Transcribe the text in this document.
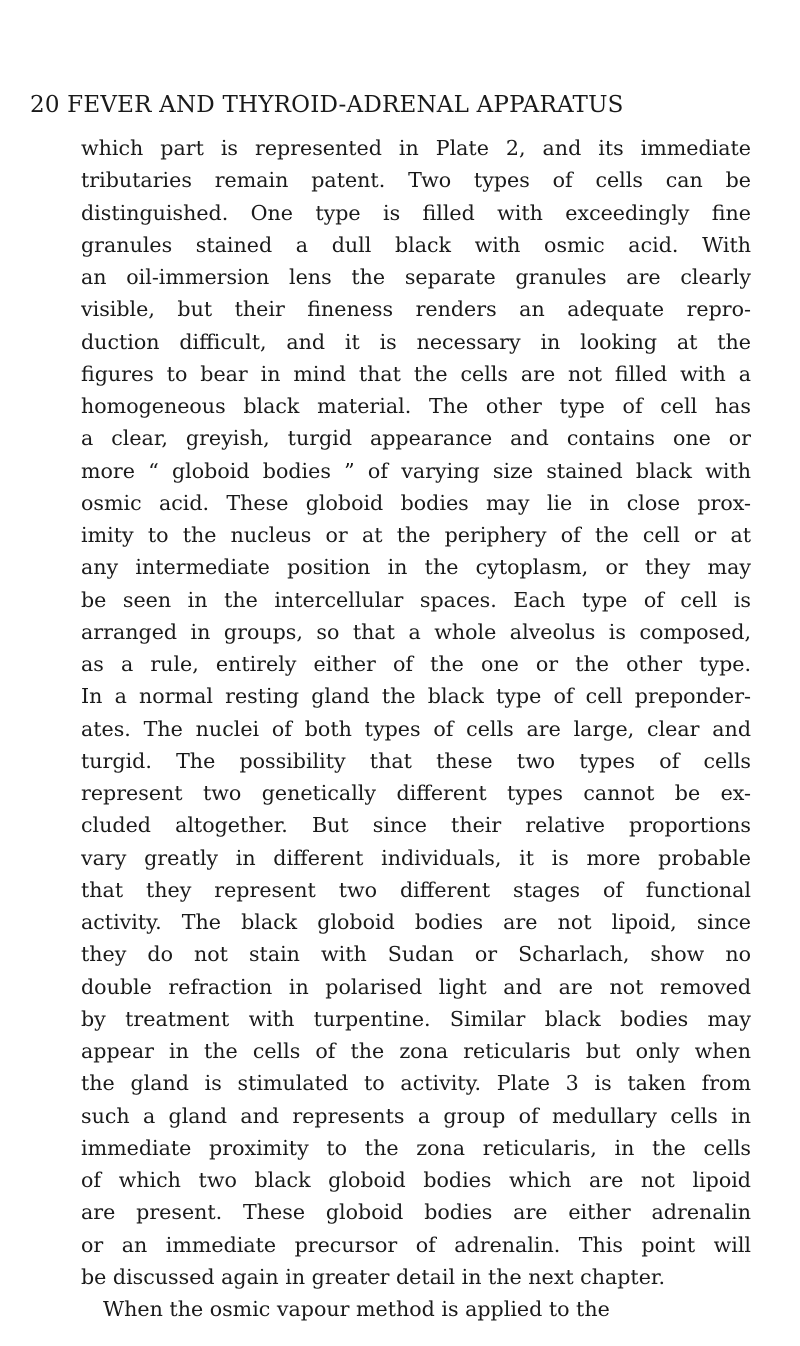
20 FEVER AND THYROID-ADRENAL APPARATUS
which part is represented in Plate 2, and its immediate
tributaries remain patent. Two types of cells can be
distinguished. One type is filled with exceedingly fine
granules stained a dull black with osmic acid. With
an oil-immersion lens the separate granules are clearly
visible, but their fineness renders an adequate repro-
duction difficult, and it is necessary in looking at the
figures to bear in mind that the cells are not filled with a
homogeneous black material. The other type of cell has
a clear, greyish, turgid appearance and contains one or
more “ globoid bodies ” of varying size stained black with
osmic acid. These globoid bodies may lie in close prox-
imity to the nucleus or at the periphery of the cell or at
any intermediate position in the cytoplasm, or they may
be seen in the intercellular spaces. Each type of cell is
arranged in groups, so that a whole alveolus is composed,
as a rule, entirely either of the one or the other type.
In a normal resting gland the black type of cell preponder-
ates. The nuclei of both types of cells are large, clear and
turgid. The possibility that these two types of cells
represent two genetically different types cannot be ex-
cluded altogether. But since their relative proportions
vary greatly in different individuals, it is more probable
that they represent two different stages of functional
activity. The black globoid bodies are not lipoid, since
they do not stain with Sudan or Scharlach, show no
double refraction in polarised light and are not removed
by treatment with turpentine. Similar black bodies may
appear in the cells of the zona reticularis but only when
the gland is stimulated to activity. Plate 3 is taken from
such a gland and represents a group of medullary cells in
immediate proximity to the zona reticularis, in the cells
of which two black globoid bodies which are not lipoid
are present. These globoid bodies are either adrenalin
or an immediate precursor of adrenalin. This point will
be discussed again in greater detail in the next chapter.
When the osmic vapour method is applied to the
